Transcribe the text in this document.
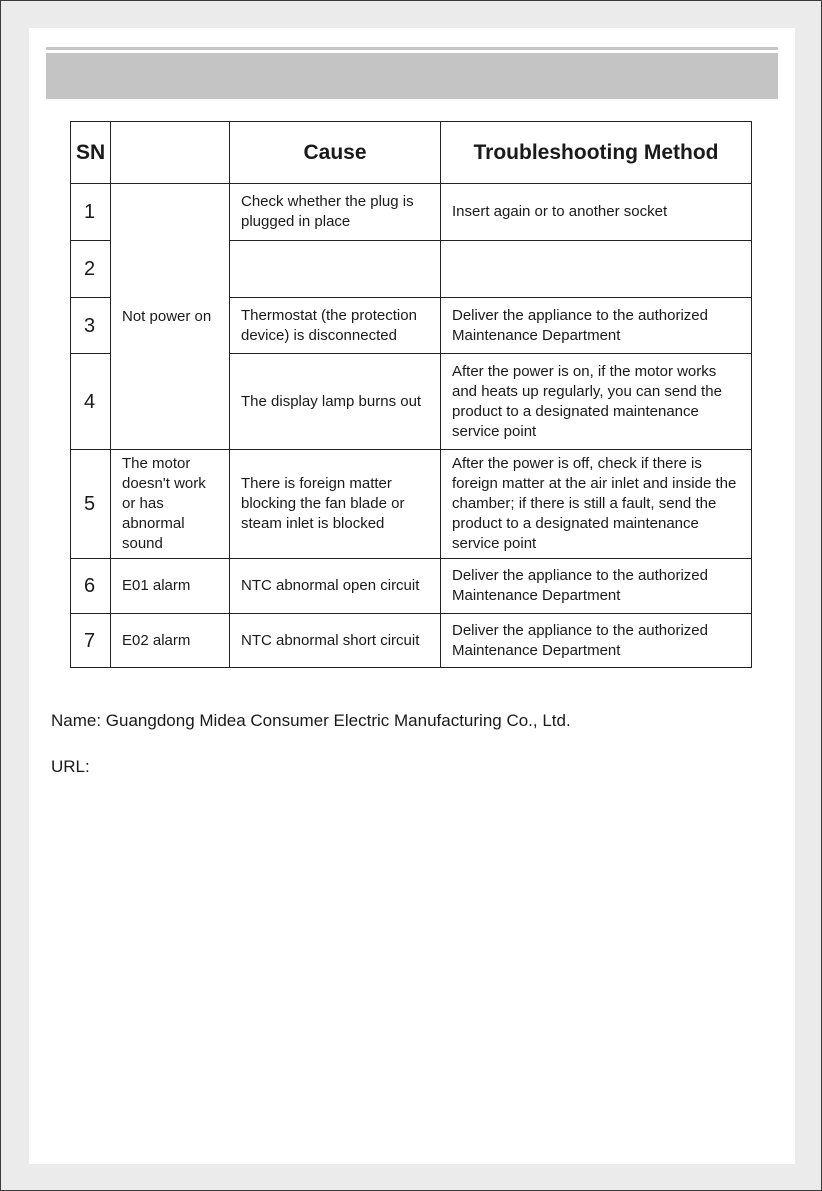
SN		Cause	Troubleshooting Method
1	Not power on	Check whether the plug is plugged in place	Insert again or to another socket
2			
3		Thermostat (the protection device) is disconnected	Deliver the appliance to the authorized Maintenance Department
4		The display lamp burns out	After the power is on, if the motor works and heats up regularly, you can send the product to a designated maintenance service point
5	The motor doesn't work or has abnormal sound	There is foreign matter blocking the fan blade or steam inlet is blocked	After the power is off, check if there is foreign matter at the air inlet and inside the chamber; if there is still a fault, send the product to a designated maintenance service point
6	E01 alarm	NTC abnormal open circuit	Deliver the appliance to the authorized Maintenance Department
7	E02 alarm	NTC abnormal short circuit	Deliver the appliance to the authorized Maintenance Department
Name: Guangdong Midea Consumer Electric Manufacturing Co., Ltd.
URL:
